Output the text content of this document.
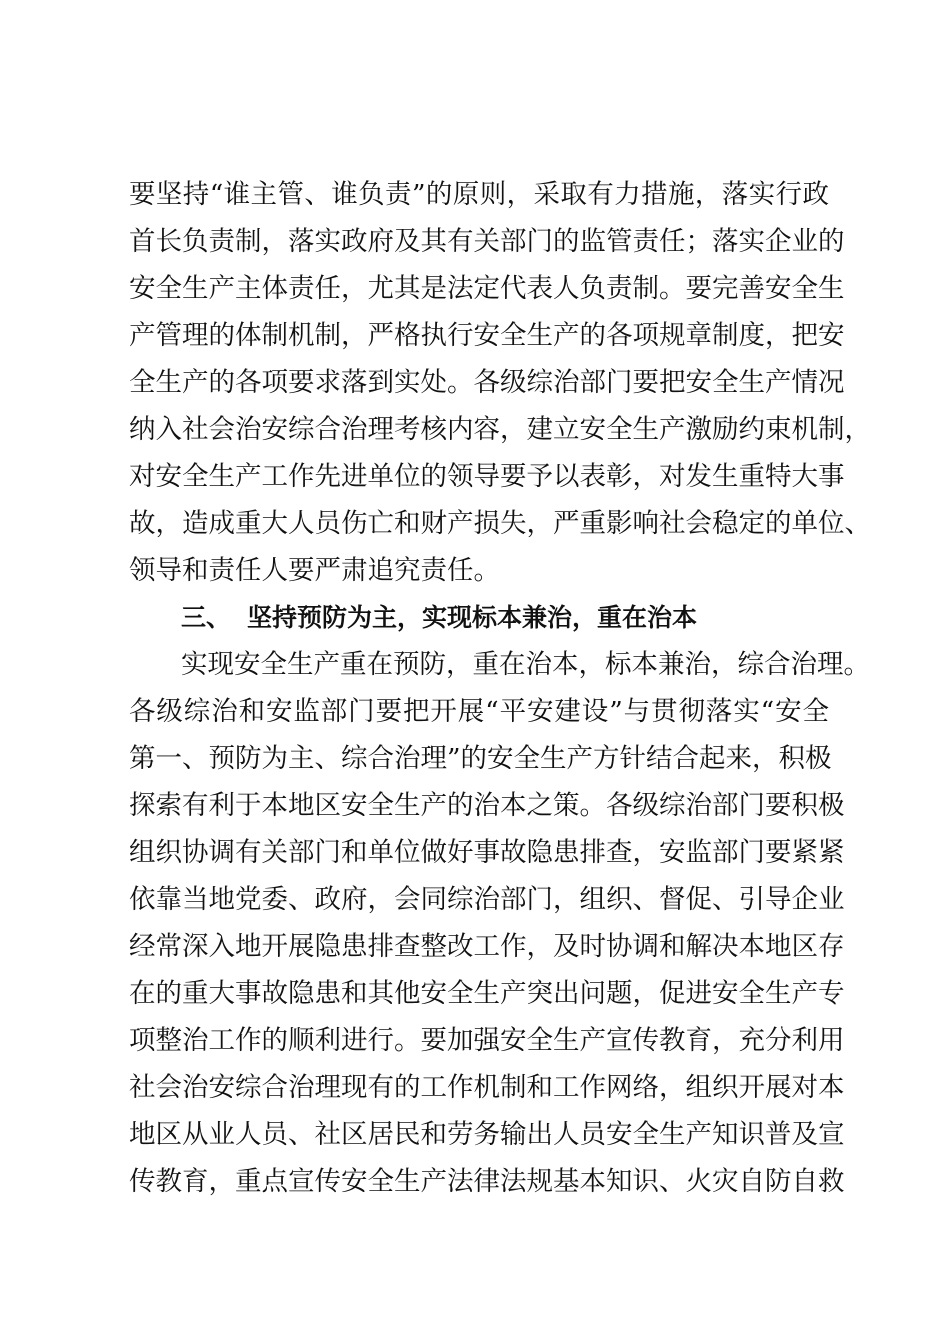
要坚持“谁主管、谁负责”的原则，采取有力措施，落实行政
首长负责制，落实政府及其有关部门的监管责任；落实企业的
安全生产主体责任，尤其是法定代表人负责制。要完善安全生
产管理的体制机制，严格执行安全生产的各项规章制度，把安
全生产的各项要求落到实处。各级综治部门要把安全生产情况
纳入社会治安综合治理考核内容，建立安全生产激励约束机制，
对安全生产工作先进单位的领导要予以表彰，对发生重特大事
故，造成重大人员伤亡和财产损失，严重影响社会稳定的单位、
领导和责任人要严肃追究责任。
三、 坚持预防为主，实现标本兼治，重在治本
实现安全生产重在预防，重在治本，标本兼治，综合治理。
各级综治和安监部门要把开展“平安建设”与贯彻落实“安全
第一、预防为主、综合治理”的安全生产方针结合起来，积极
探索有利于本地区安全生产的治本之策。各级综治部门要积极
组织协调有关部门和单位做好事故隐患排查，安监部门要紧紧
依靠当地党委、政府，会同综治部门，组织、督促、引导企业
经常深入地开展隐患排查整改工作，及时协调和解决本地区存
在的重大事故隐患和其他安全生产突出问题，促进安全生产专
项整治工作的顺利进行。要加强安全生产宣传教育，充分利用
社会治安综合治理现有的工作机制和工作网络，组织开展对本
地区从业人员、社区居民和劳务输出人员安全生产知识普及宣
传教育，重点宣传安全生产法律法规基本知识、火灾自防自救
